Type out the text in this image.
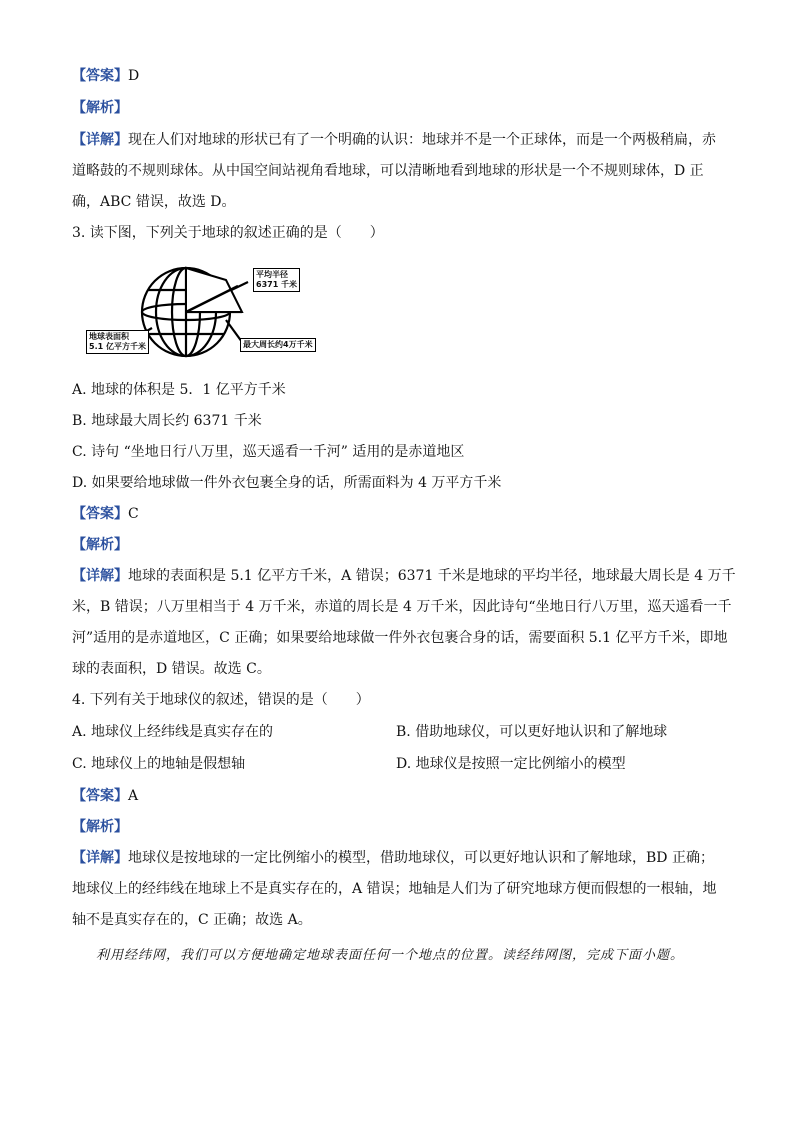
【答案】D
【解析】
【详解】现在人们对地球的形状已有了一个明确的认识：地球并不是一个正球体，而是一个两极稍扁，赤
道略鼓的不规则球体。从中国空间站视角看地球，可以清晰地看到地球的形状是一个不规则球体，D 正
确，ABC 错误，故选 D。
3. 读下图，下列关于地球的叙述正确的是（　　）
平均半径
6371 千米
地球表面积
5.1 亿平方千米	最大周长约4万千米
A. 地球的体积是 5．1 亿平方千米
B. 地球最大周长约 6371 千米
C. 诗句 “坐地日行八万里，巡天遥看一千河” 适用的是赤道地区
D. 如果要给地球做一件外衣包裹全身的话，所需面料为 4 万平方千米
【答案】C
【解析】
【详解】地球的表面积是 5.1 亿平方千米，A 错误；6371 千米是地球的平均半径，地球最大周长是 4 万千
米，B 错误；八万里相当于 4 万千米，赤道的周长是 4 万千米，因此诗句“坐地日行八万里，巡天遥看一千
河”适用的是赤道地区，C 正确；如果要给地球做一件外衣包裹合身的话，需要面积 5.1 亿平方千米，即地
球的表面积，D 错误。故选 C。
4. 下列有关于地球仪的叙述，错误的是（　　）
A. 地球仪上经纬线是真实存在的	B. 借助地球仪，可以更好地认识和了解地球
C. 地球仪上的地轴是假想轴	D. 地球仪是按照一定比例缩小的模型
【答案】A
【解析】
【详解】地球仪是按地球的一定比例缩小的模型，借助地球仪，可以更好地认识和了解地球，BD 正确；
地球仪上的经纬线在地球上不是真实存在的，A 错误；地轴是人们为了研究地球方便而假想的一根轴，地
轴不是真实存在的，C 正确；故选 A。
利用经纬网，我们可以方便地确定地球表面任何一个地点的位置。读经纬网图，完成下面小题。
